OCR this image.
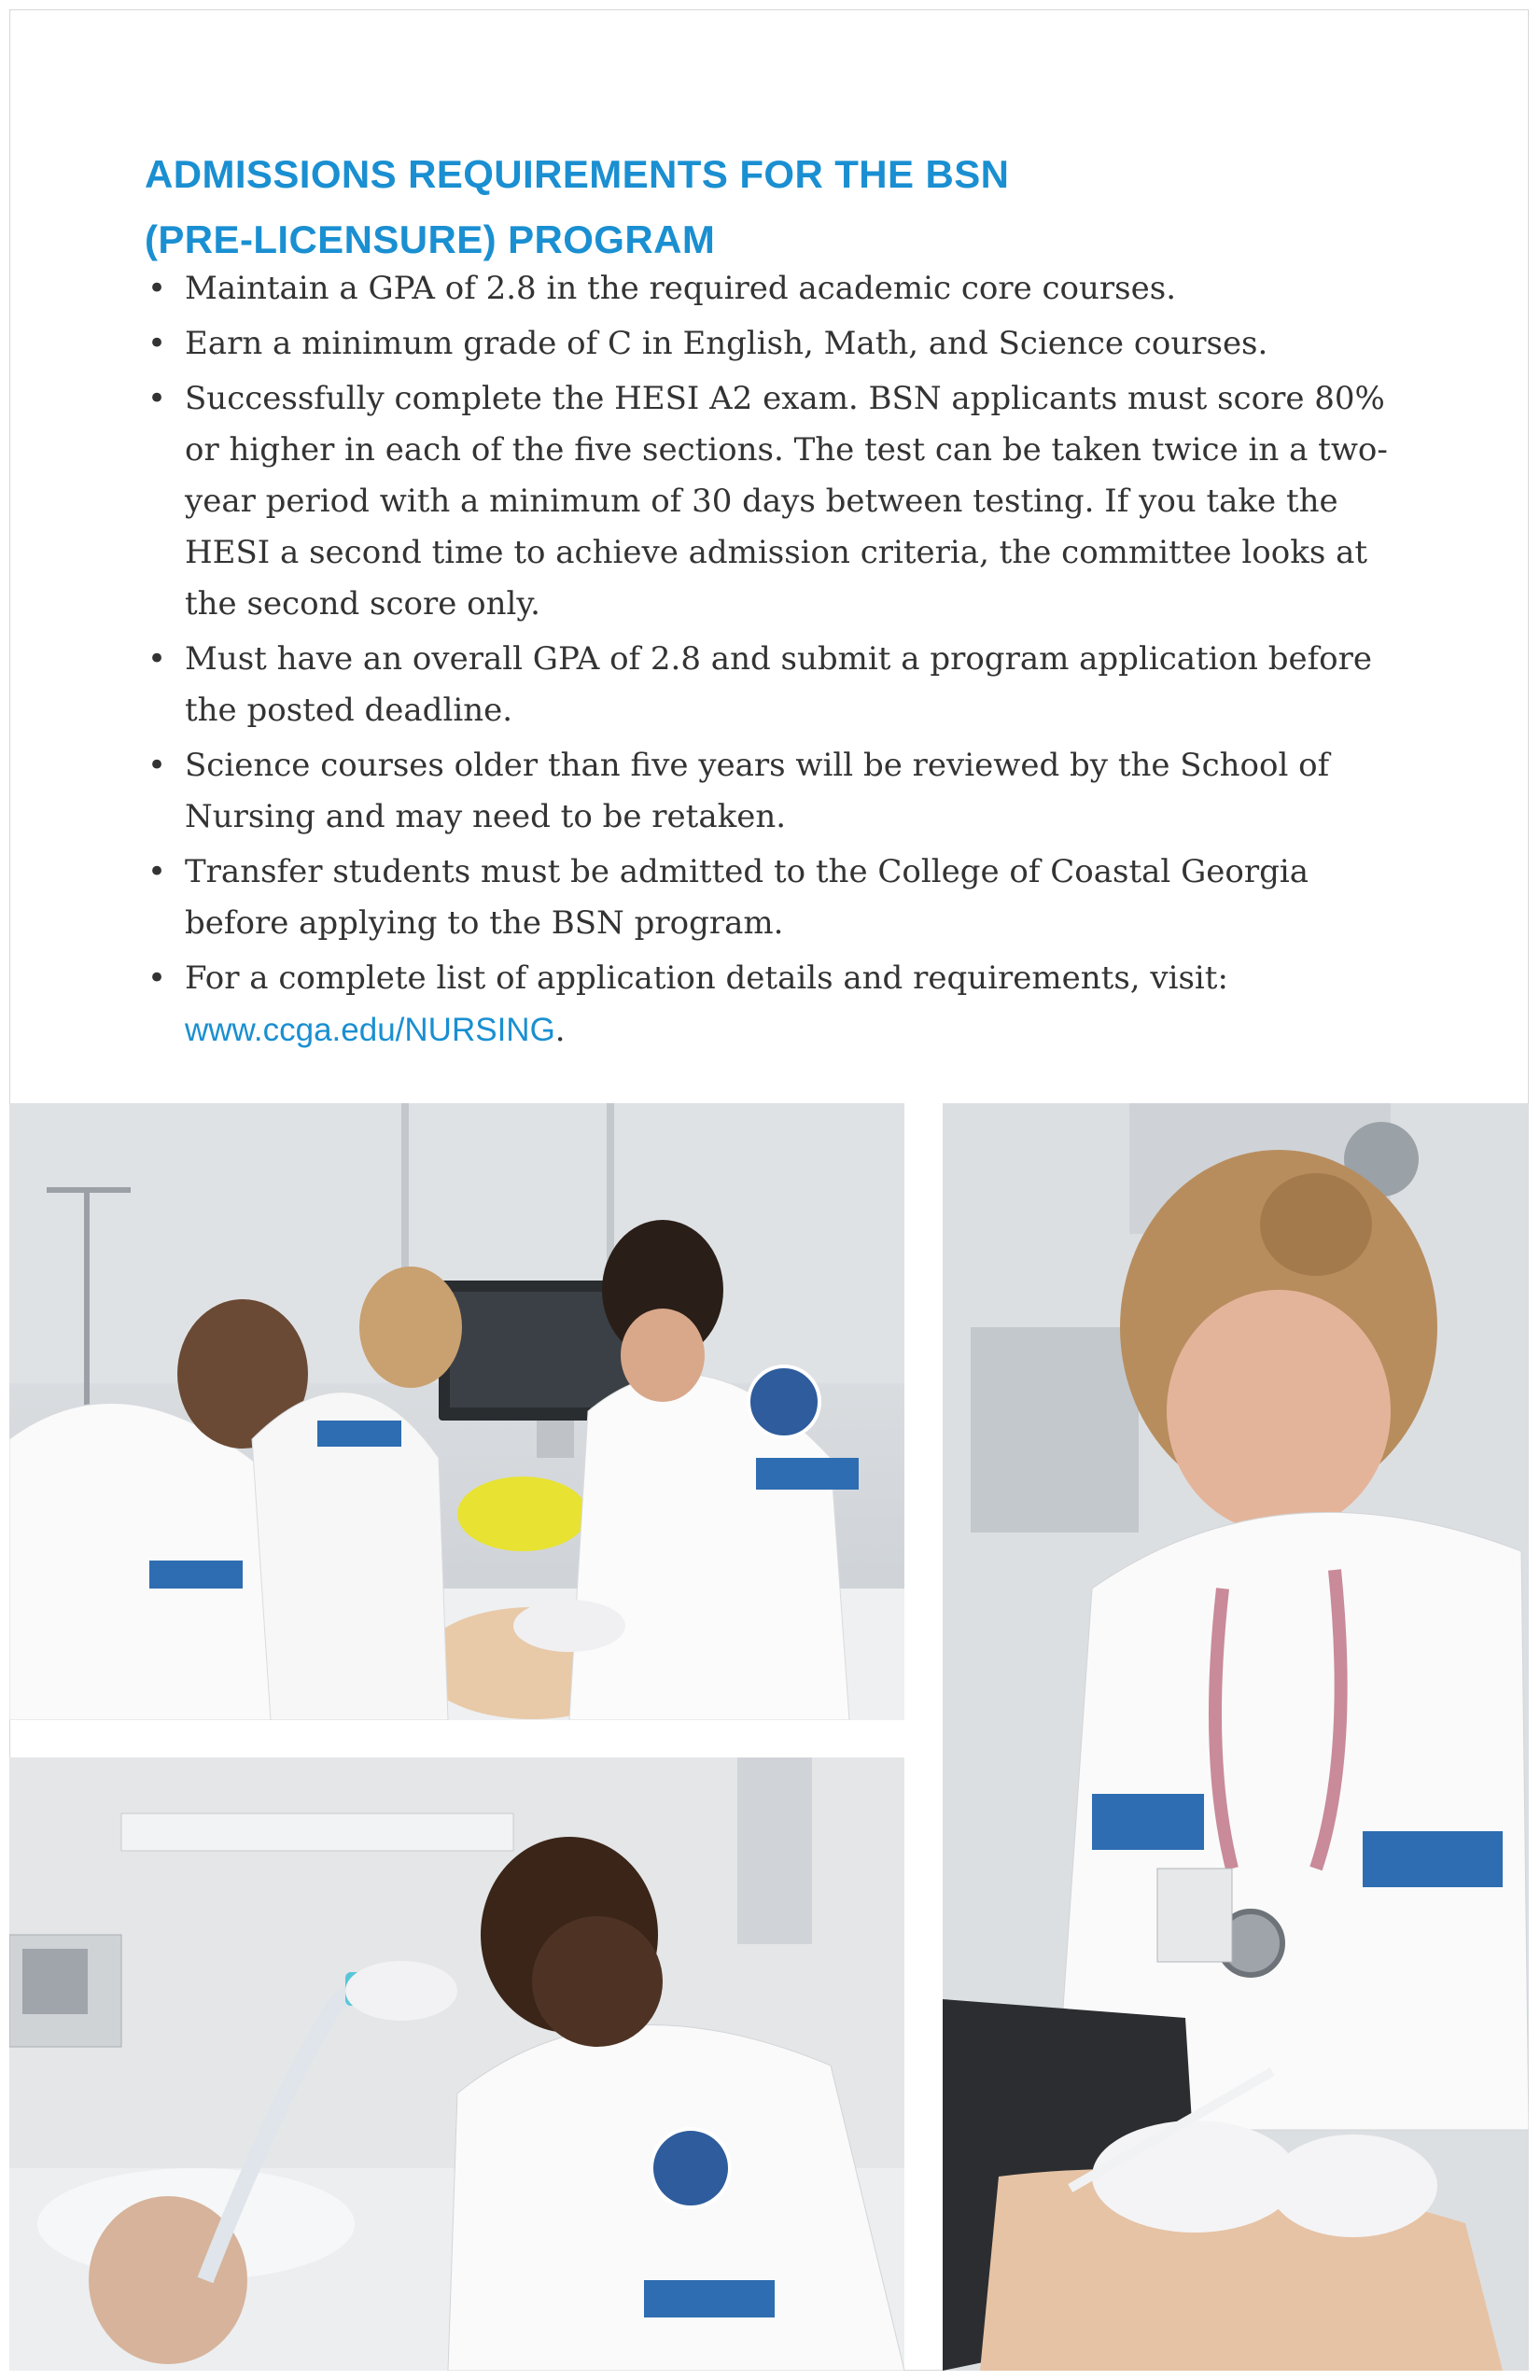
ADMISSIONS REQUIREMENTS FOR THE BSN
(PRE-LICENSURE) PROGRAM
• Maintain a GPA of 2.8 in the required academic core courses.
• Earn a minimum grade of C in English, Math, and Science courses.
• Successfully complete the HESI A2 exam. BSN applicants must score 80% or higher in each of the five sections. The test can be taken twice in a two-year period with a minimum of 30 days between testing. If you take the HESI a second time to achieve admission criteria, the committee looks at the second score only.
• Must have an overall GPA of 2.8 and submit a program application before the posted deadline.
• Science courses older than five years will be reviewed by the School of Nursing and may need to be retaken.
• Transfer students must be admitted to the College of Coastal Georgia before applying to the BSN program.
• For a complete list of application details and requirements, visit:
www.ccga.edu/NURSING.
